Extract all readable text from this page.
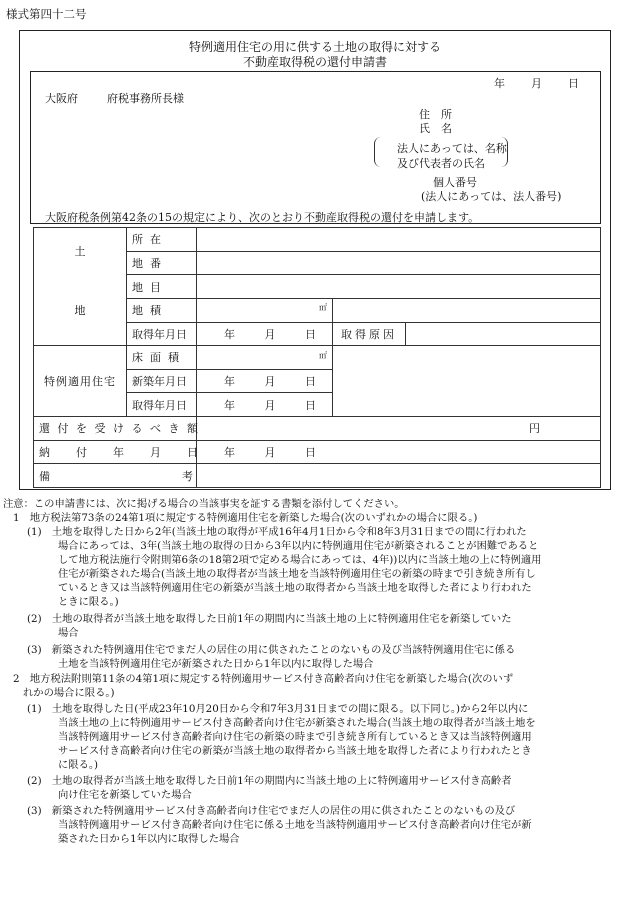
様式第四十二号
特例適用住宅の用に供する土地の取得に対する
不動産取得税の還付申請書
年 月 日
大阪府	府税事務所長様
住所
氏名
法人にあっては、名称
及び代表者の氏名
個人番号
(法人にあっては、法人番号)
大阪府税条例第42条の15の規定により、次のとおり不動産取得税の還付を申請します。
土	所在			
	地番			
地	地目			
	地積	㎡	
	取得年月日	年 月 日	取得原因	
特例適用住宅	床面積	㎡	
	新築年月日	年 月 日		
	取得年月日	年 月 日		
還付を受けるべき額		円		
納付年月日		年 月 日		
備考				
注意：この申請書には、次に掲げる場合の当該事実を証する書類を添付してください。
1　地方税法第73条の24第1項に規定する特例適用住宅を新築した場合(次のいずれかの場合に限る。)
(1)　土地を取得した日から2年(当該土地の取得が平成16年4月1日から令和8年3月31日までの間に行われた
場合にあっては、3年(当該土地の取得の日から3年以内に特例適用住宅が新築されることが困難であると
して地方税法施行令附則第6条の18第2項で定める場合にあっては、4年))以内に当該土地の上に特例適用
住宅が新築された場合(当該土地の取得者が当該土地を当該特例適用住宅の新築の時まで引き続き所有し
ているとき又は当該特例適用住宅の新築が当該土地の取得者から当該土地を取得した者により行われた
ときに限る。)
(2)　土地の取得者が当該土地を取得した日前1年の期間内に当該土地の上に特例適用住宅を新築していた
場合
(3)　新築された特例適用住宅でまだ人の居住の用に供されたことのないもの及び当該特例適用住宅に係る
土地を当該特例適用住宅が新築された日から1年以内に取得した場合
2　地方税法附則第11条の4第1項に規定する特例適用サービス付き高齢者向け住宅を新築した場合(次のいず
れかの場合に限る。)
(1)　土地を取得した日(平成23年10月20日から令和7年3月31日までの間に限る。以下同じ。)から2年以内に
当該土地の上に特例適用サービス付き高齢者向け住宅が新築された場合(当該土地の取得者が当該土地を
当該特例適用サービス付き高齢者向け住宅の新築の時まで引き続き所有しているとき又は当該特例適用
サービス付き高齢者向け住宅の新築が当該土地の取得者から当該土地を取得した者により行われたとき
に限る。)
(2)　土地の取得者が当該土地を取得した日前1年の期間内に当該土地の上に特例適用サービス付き高齢者
向け住宅を新築していた場合
(3)　新築された特例適用サービス付き高齢者向け住宅でまだ人の居住の用に供されたことのないもの及び
当該特例適用サービス付き高齢者向け住宅に係る土地を当該特例適用サービス付き高齢者向け住宅が新
築された日から1年以内に取得した場合
